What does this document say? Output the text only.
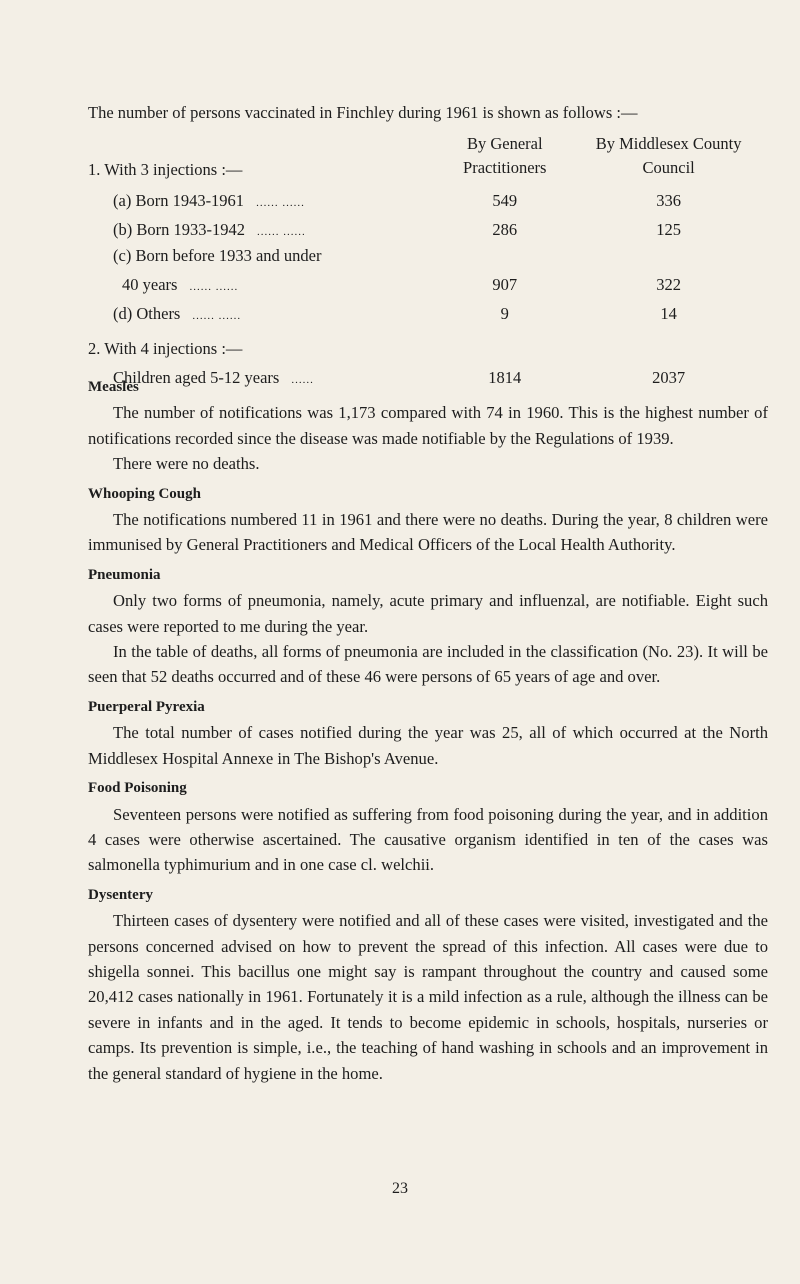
The number of persons vaccinated in Finchley during 1961 is shown as follows :—
1. With 3 injections :—	By General Practitioners	By Middlesex County Council
(a) Born 1943-1961 ...... ......	549	336
(b) Born 1933-1942 ...... ......	286	125
(c) Born before 1933 and under		
40 years ...... ......	907	322
(d) Others ...... ......	9	14
2. With 4 injections :—		
Children aged 5-12 years ......	1814	2037
Measles

The number of notifications was 1,173 compared with 74 in 1960. This is the highest number of notifications recorded since the disease was made notifiable by the Regulations of 1939.

There were no deaths.

Whooping Cough

The notifications numbered 11 in 1961 and there were no deaths. During the year, 8 children were immunised by General Practitioners and Medical Officers of the Local Health Authority.

Pneumonia

Only two forms of pneumonia, namely, acute primary and influenzal, are notifiable. Eight such cases were reported to me during the year.

In the table of deaths, all forms of pneumonia are included in the classification (No. 23). It will be seen that 52 deaths occurred and of these 46 were persons of 65 years of age and over.

Puerperal Pyrexia

The total number of cases notified during the year was 25, all of which occurred at the North Middlesex Hospital Annexe in The Bishop's Avenue.

Food Poisoning

Seventeen persons were notified as suffering from food poisoning during the year, and in addition 4 cases were otherwise ascertained. The causative organism identified in ten of the cases was salmonella typhimurium and in one case cl. welchii.

Dysentery

Thirteen cases of dysentery were notified and all of these cases were visited, investigated and the persons concerned advised on how to prevent the spread of this infection. All cases were due to shigella sonnei. This bacillus one might say is rampant throughout the country and caused some 20,412 cases nationally in 1961. Fortunately it is a mild infection as a rule, although the illness can be severe in infants and in the aged. It tends to become epidemic in schools, hospitals, nurseries or camps. Its prevention is simple, i.e., the teaching of hand washing in schools and an improvement in the general standard of hygiene in the home.

23
